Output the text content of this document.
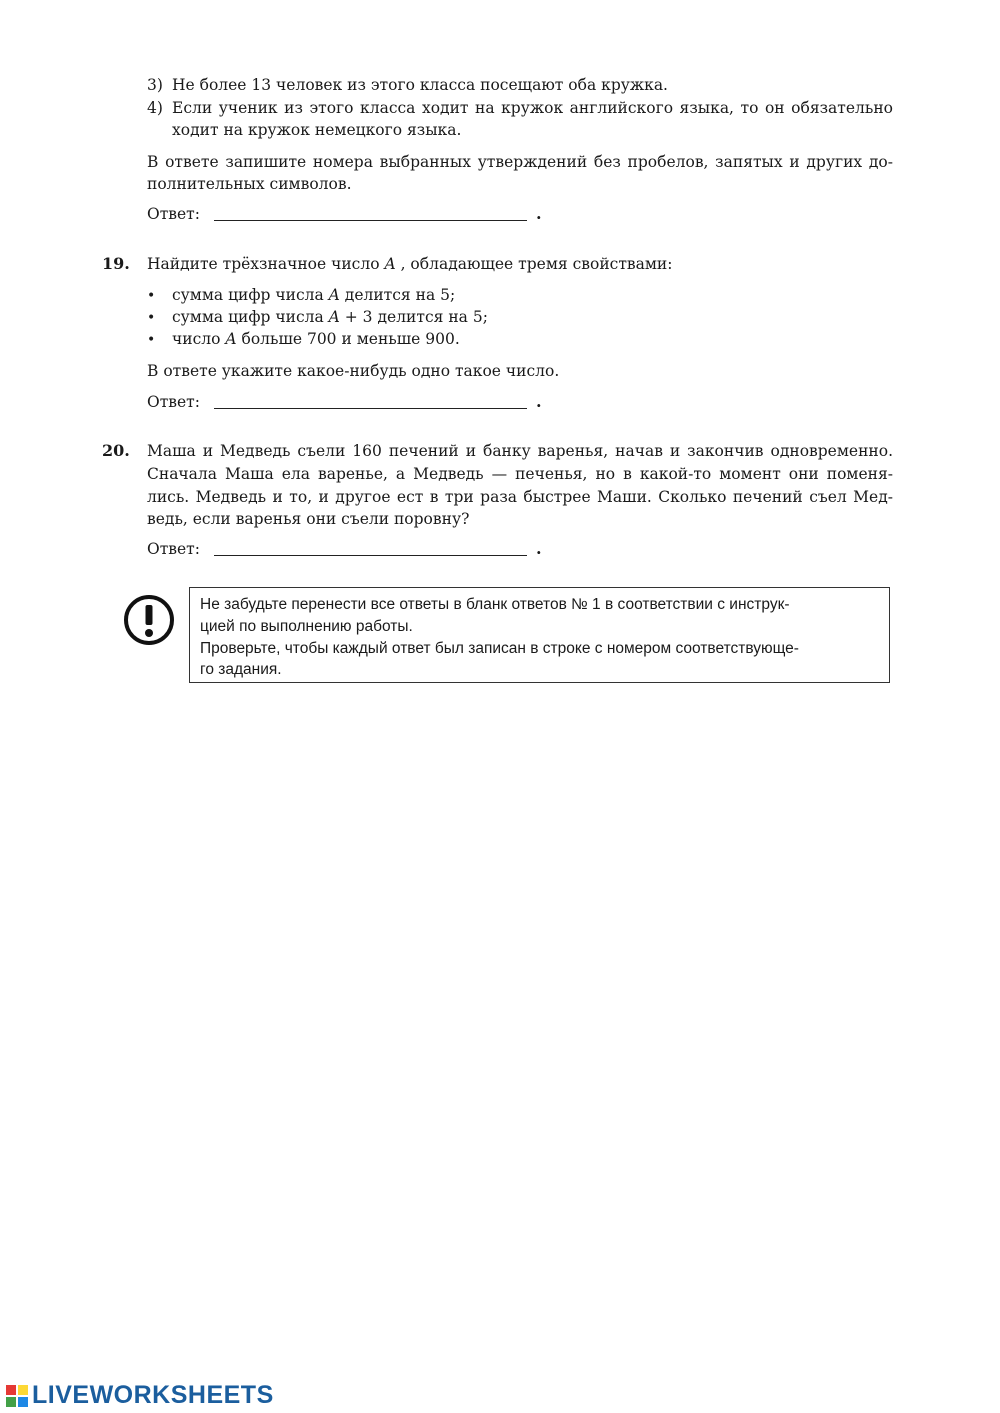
3) Не более 13 человек из этого класса посещают оба кружка.
4) Если ученик из этого класса ходит на кружок английского языка, то он обязательно
ходит на кружок немецкого языка.
В ответе запишите номера выбранных утверждений без пробелов, запятых и других до-
полнительных символов.
Ответ:	.
19. Найдите трёхзначное число A , обладающее тремя свойствами:
• сумма цифр числа A делится на 5;
• сумма цифр числа A + 3 делится на 5;
• число A больше 700 и меньше 900.
В ответе укажите какое-нибудь одно такое число.
Ответ:	.
20. Маша и Медведь съели 160 печений и банку варенья, начав и закончив одновременно.
Сначала Маша ела варенье, а Медведь — печенья, но в какой-то момент они поменя-
лись. Медведь и то, и другое ест в три раза быстрее Маши. Сколько печений съел Мед-
ведь, если варенья они съели поровну?
Ответ:	.
Не забудьте перенести все ответы в бланк ответов № 1 в соответствии с инструк-
цией по выполнению работы.
Проверьте, чтобы каждый ответ был записан в строке с номером соответствующе-
го задания.
LIVEWORKSHEETS
